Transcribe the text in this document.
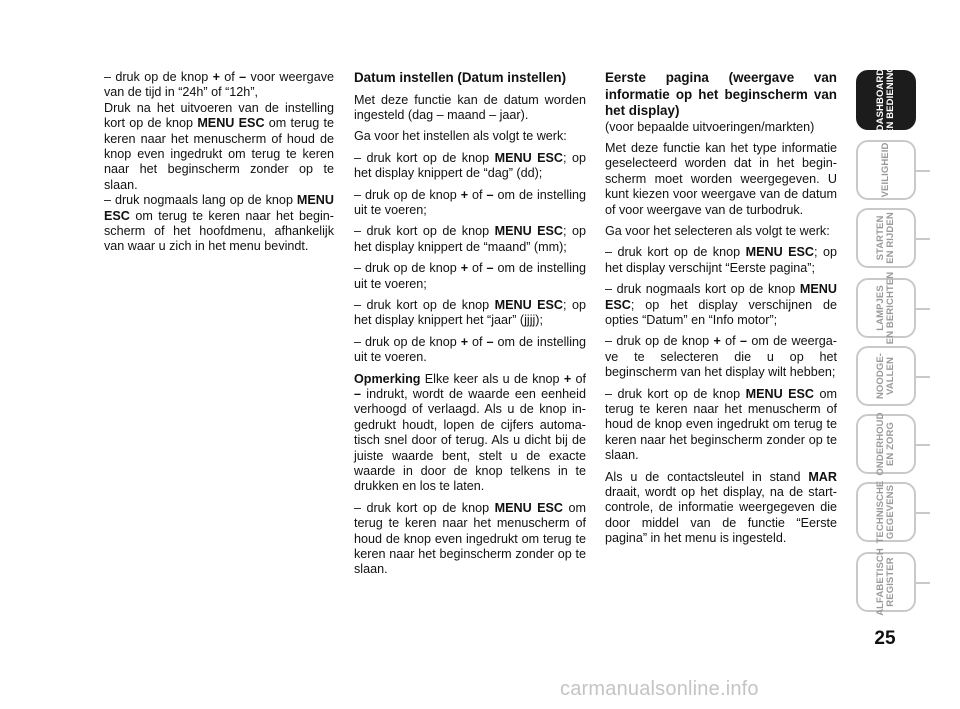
– druk op de knop + of – voor weergave van de tijd in “24h” of “12h”,

Druk na het uitvoeren van de instelling kort op de knop MENU ESC om terug te keren naar het menuscherm of houd de knop even ingedrukt om terug te keren naar het beginscherm zonder op te slaan.

– druk nogmaals lang op de knop MENU ESC om terug te keren naar het beginscherm of het hoofdmenu, afhankelijk van waar u zich in het menu bevindt.

Datum instellen (Datum instellen)

Met deze functie kan de datum worden ingesteld (dag – maand – jaar).

Ga voor het instellen als volgt te werk:

– druk kort op de knop MENU ESC; op het display knippert de “dag” (dd);

– druk op de knop + of – om de instelling uit te voeren;

– druk kort op de knop MENU ESC; op het display knippert de “maand” (mm);

– druk op de knop + of – om de instelling uit te voeren;

– druk kort op de knop MENU ESC; op het display knippert het “jaar” (jjjj);

– druk op de knop + of – om de instelling uit te voeren.

Opmerking Elke keer als u de knop + of – indrukt, wordt de waarde een eenheid verhoogd of verlaagd. Als u de knop ingedrukt houdt, lopen de cijfers automatisch snel door of terug. Als u dicht bij de juiste waarde bent, stelt u de exacte waarde in door de knop telkens in te drukken en los te laten.

– druk kort op de knop MENU ESC om terug te keren naar het menuscherm of houd de knop even ingedrukt om terug te keren naar het beginscherm zonder op te slaan.

Eerste pagina (weergave van informatie op het beginscherm van het display)

(voor bepaalde uitvoeringen/markten)

Met deze functie kan het type informatie geselecteerd worden dat in het beginscherm moet worden weergegeven. U kunt kiezen voor weergave van de datum of voor weergave van de turbodruk.

Ga voor het selecteren als volgt te werk:

– druk kort op de knop MENU ESC; op het display verschijnt “Eerste pagina”;

– druk nogmaals kort op de knop MENU ESC; op het display verschijnen de opties “Datum” en “Info motor”;

– druk op de knop + of – om de weergave te selecteren die u op het beginscherm van het display wilt hebben;

– druk kort op de knop MENU ESC om terug te keren naar het menuscherm of houd de knop even ingedrukt om terug te keren naar het beginscherm zonder op te slaan.

Als u de contactsleutel in stand MAR draait, wordt op het display, na de startcontrole, de informatie weergegeven die door middel van de functie “Eerste pagina” in het menu is ingesteld.

DASHBOARD
EN BEDIENING
VEILIGHEID
STARTEN
EN RIJDEN
LAMPJES
EN BERICHTEN
NOODGE-
VALLEN
ONDERHOUD
EN ZORG
TECHNISCHE
GEGEVENS
ALFABETISCH
REGISTER
25
carmanualsonline.info
